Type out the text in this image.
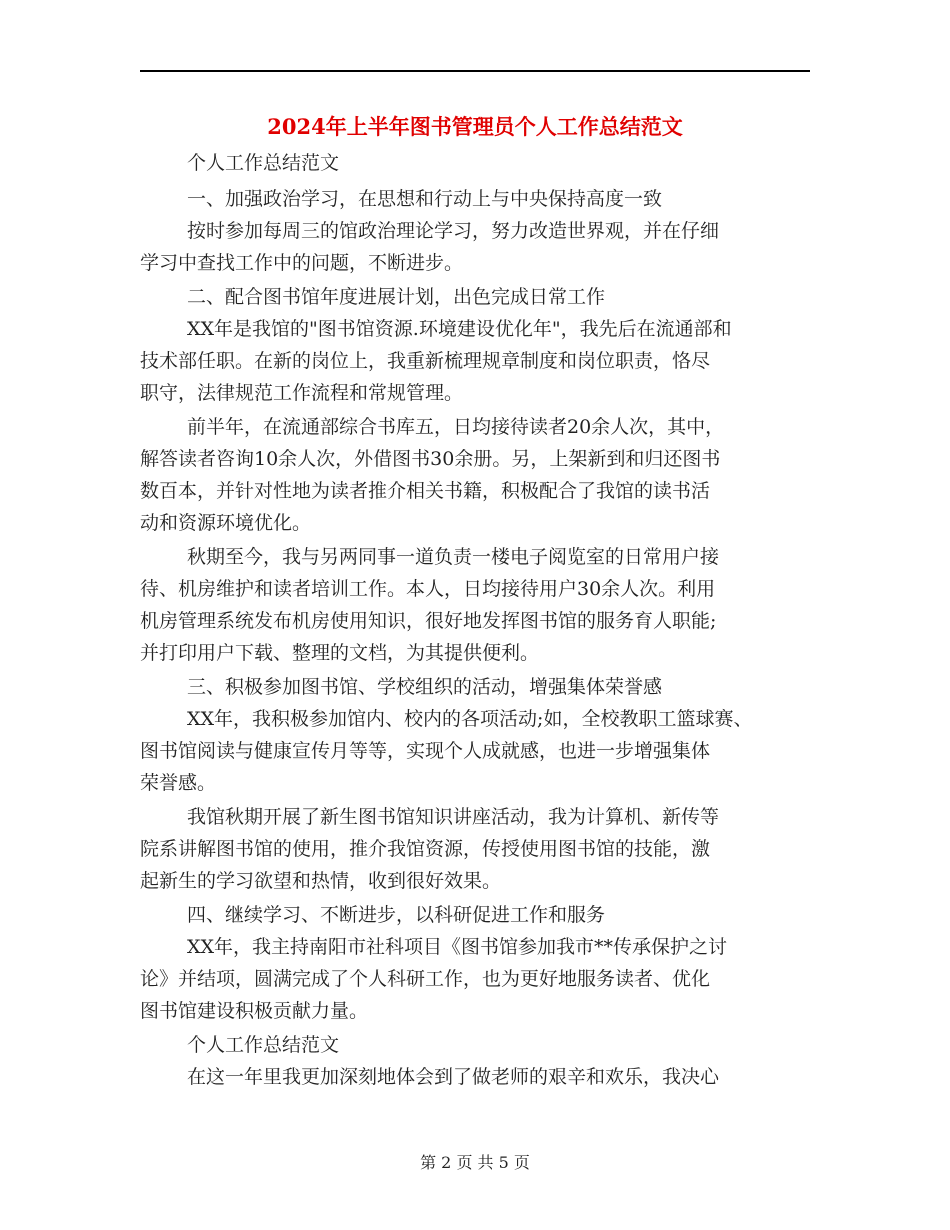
2024年上半年图书管理员个人工作总结范文
个人工作总结范文
一、加强政治学习，在思想和行动上与中央保持高度一致
按时参加每周三的馆政治理论学习，努力改造世界观，并在仔细
学习中查找工作中的问题，不断进步。
二、配合图书馆年度进展计划，出色完成日常工作
XX年是我馆的"图书馆资源.环境建设优化年"，我先后在流通部和
技术部任职。在新的岗位上，我重新梳理规章制度和岗位职责，恪尽
职守，法律规范工作流程和常规管理。
前半年，在流通部综合书库五，日均接待读者20余人次，其中，
解答读者咨询10余人次，外借图书30余册。另，上架新到和归还图书
数百本，并针对性地为读者推介相关书籍，积极配合了我馆的读书活
动和资源环境优化。
秋期至今，我与另两同事一道负责一楼电子阅览室的日常用户接
待、机房维护和读者培训工作。本人，日均接待用户30余人次。利用
机房管理系统发布机房使用知识，很好地发挥图书馆的服务育人职能;
并打印用户下载、整理的文档，为其提供便利。
三、积极参加图书馆、学校组织的活动，增强集体荣誉感
XX年，我积极参加馆内、校内的各项活动;如，全校教职工篮球赛、
图书馆阅读与健康宣传月等等，实现个人成就感，也进一步增强集体
荣誉感。
我馆秋期开展了新生图书馆知识讲座活动，我为计算机、新传等
院系讲解图书馆的使用，推介我馆资源，传授使用图书馆的技能，激
起新生的学习欲望和热情，收到很好效果。
四、继续学习、不断进步，以科研促进工作和服务
XX年，我主持南阳市社科项目《图书馆参加我市**传承保护之讨
论》并结项，圆满完成了个人科研工作，也为更好地服务读者、优化
图书馆建设积极贡献力量。
个人工作总结范文
在这一年里我更加深刻地体会到了做老师的艰辛和欢乐，我决心
第 2 页 共 5 页
